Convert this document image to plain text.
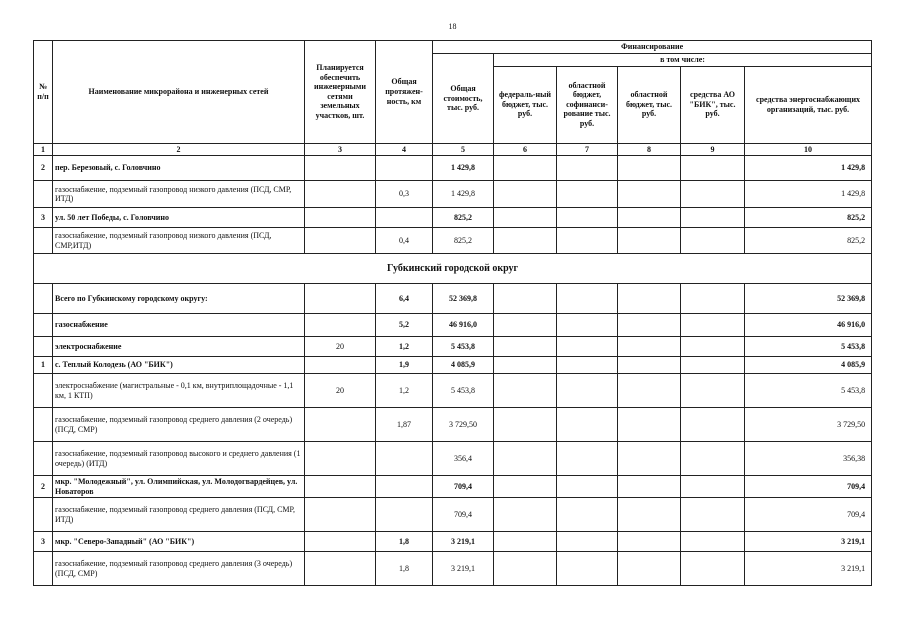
18
№ п/п	Наименование микрорайона и инженерных сетей	Планируется обеспечить инженерными сетями земельных участков, шт.	Общая протяжен-ность, км	Финансирование					
				Общая стоимость, тыс. руб.	в том числе:				
					федераль-ный бюджет, тыс. руб.	областной бюджет, софинанси-рование тыс. руб.	областной бюджет, тыс. руб.	средства АО "БИК", тыс. руб.	средства энергоснабжающих организаций, тыс. руб.
1	2	3	4	5	6	7	8	9	10
2	пер. Березовый, с. Головчино			1 429,8					1 429,8
	газоснабжение, подземный газопровод низкого давления (ПСД, СМР, ИТД)		0,3	1 429,8					1 429,8
3	ул. 50 лет Победы, с. Головчино			825,2					825,2
	газоснабжение, подземный газопровод низкого давления (ПСД, СМР,ИТД)		0,4	825,2					825,2
Губкинский городской округ									
	Всего по Губкинскому городскому округу:		6,4	52 369,8					52 369,8
	газоснабжение		5,2	46 916,0					46 916,0
	электроснабжение	20	1,2	5 453,8					5 453,8
1	с. Теплый Колодезь (АО "БИК")		1,9	4 085,9					4 085,9
	электроснабжение (магистральные - 0,1 км, внутриплощадочные - 1,1 км, 1 КТП)	20	1,2	5 453,8					5 453,8
	газоснабжение, подземный газопровод среднего давления (2 очередь) (ПСД, СМР)		1,87	3 729,50					3 729,50
	газоснабжение, подземный газопровод высокого и среднего давления (1 очередь) (ИТД)			356,4					356,38
2	мкр. "Молодежный", ул. Олимпийская, ул. Молодогвардейцев, ул. Новаторов			709,4					709,4
	газоснабжение, подземный газопровод среднего давления (ПСД, СМР, ИТД)			709,4					709,4
3	мкр. "Северо-Западный" (АО "БИК")		1,8	3 219,1					3 219,1
	газоснабжение, подземный газопровод среднего давления (3 очередь) (ПСД, СМР)		1,8	3 219,1					3 219,1
